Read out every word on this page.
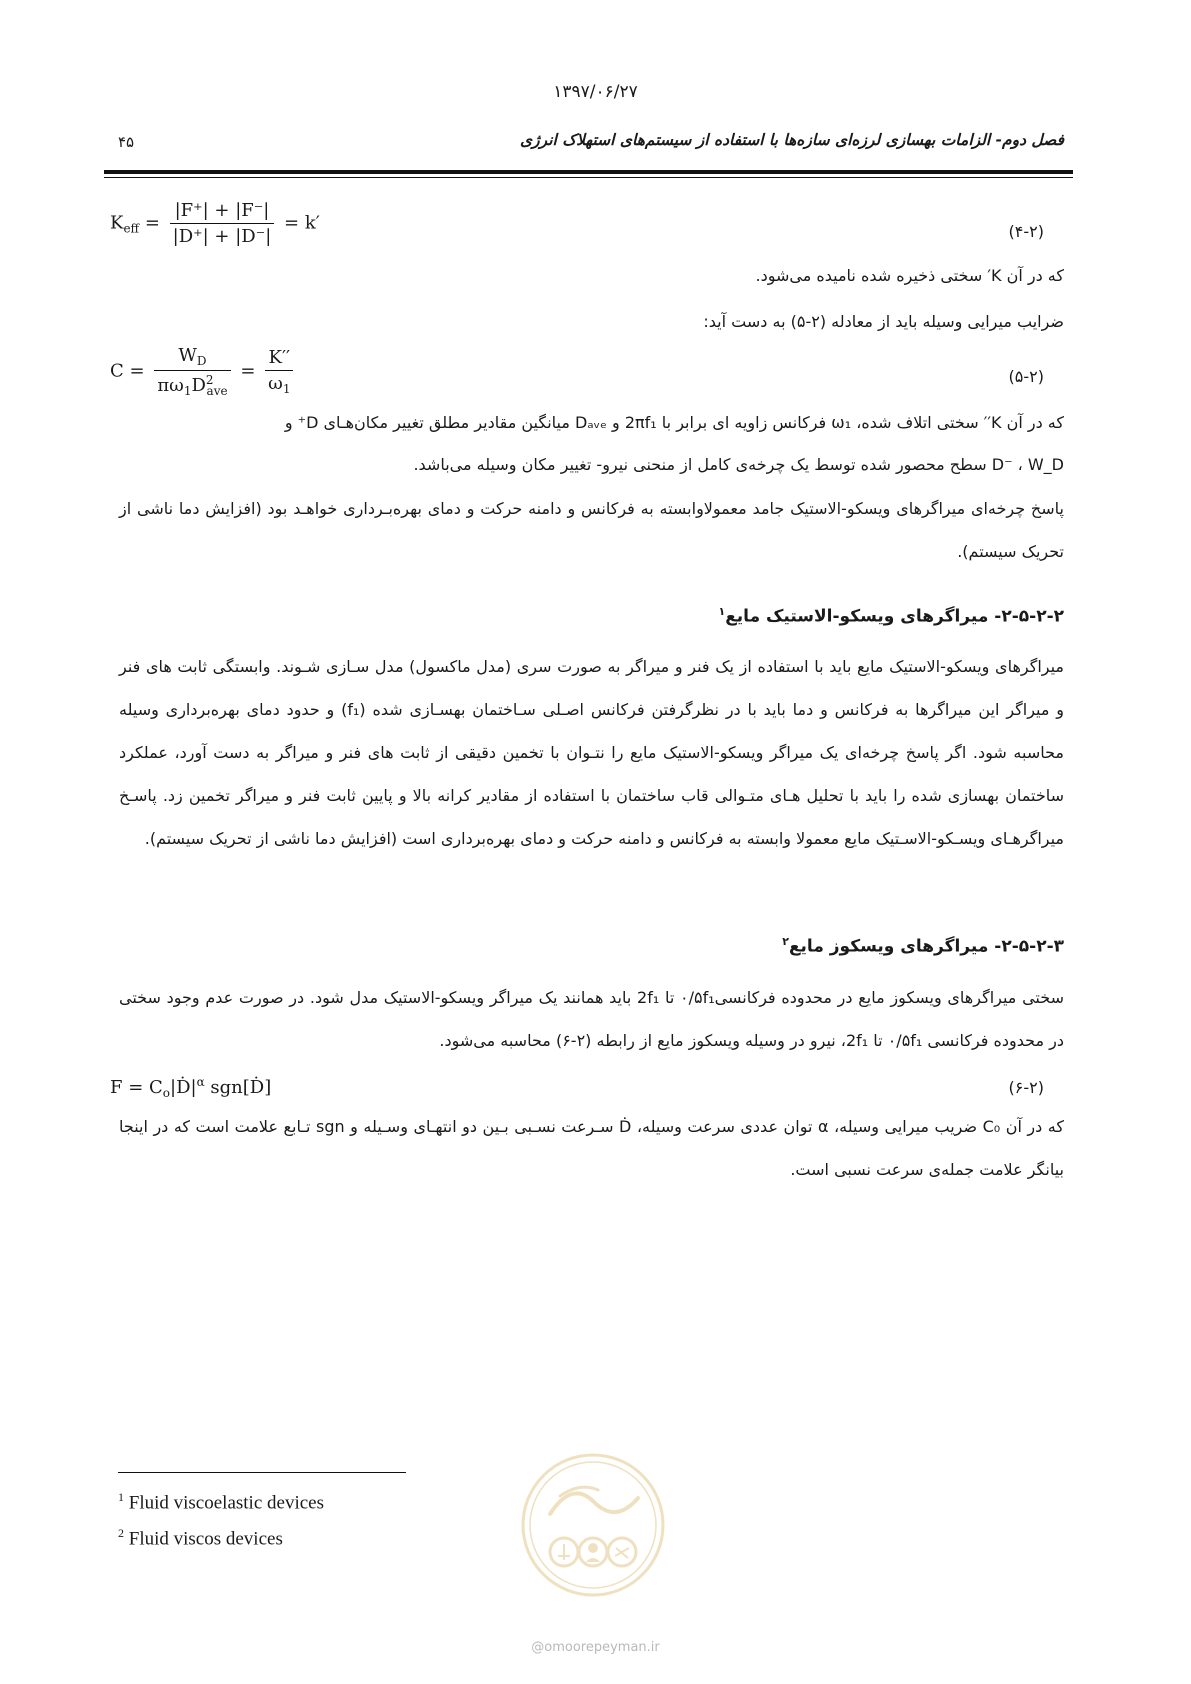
۱۳۹۷/۰۶/۲۷
۴۵	فصل دوم- الزامات بهسازی لرزه‌ای سازه‌ها با استفاده از سیستم‌های استهلاک انرژی
$K_{eff} = \frac{|F^+| + |F^-|}{|D^+| + |D^-|} = k'$	(۴-۲)
که در آن K′ سختی ذخیره شده نامیده می‌شود.
ضرایب میرایی وسیله باید از معادله (۲-۵) به دست آید:
$C = \frac{W_D}{\pi\omega_1D^2_{ave}} = \frac{K''}{\omega_1}$	(۵-۲)
که در آن K′′ سختی اتلاف شده، ω₁ فرکانس زاویه ای برابر با 2πf₁ و Dₐᵥₑ میانگین مقادیر مطلق تغییر مکان‌هـای D⁺ و
D⁻ ، W_D سطح محصور شده توسط یک چرخه‌ی کامل از منحنی نیرو- تغییر مکان وسیله می‌باشد.
پاسخ چرخه‌ای میراگرهای ویسکو-الاستیک جامد معمولاوابسته به فرکانس و دامنه حرکت و دمای بهره‌بـرداری خواهـد بود (افزایش دما ناشی از تحریک سیستم).
۲-۵-۲-۲- میراگرهای ویسکو-الاستیک مایع$^۱$
میراگرهای ویسکو-الاستیک مایع باید با استفاده از یک فنر و میراگر به صورت سری (مدل ماکسول) مدل سـازی شـوند. وابستگی ثابت های فنر و میراگر این میراگرها به فرکانس و دما باید با در نظرگرفتن فرکانس اصـلی سـاختمان بهسـازی شده (f₁) و حدود دمای بهره‌برداری وسیله محاسبه شود. اگر پاسخ چرخه‌ای یک میراگر ویسکو-الاستیک مایع را نتـوان با تخمین دقیقی از ثابت های فنر و میراگر به دست آورد، عملکرد ساختمان بهسازی شده را باید با تحلیل هـای متـوالی قاب ساختمان با استفاده از مقادیر کرانه بالا و پایین ثابت فنر و میراگر تخمین زد. پاسـخ میراگرهـای ویسـکو-الاسـتیک مایع معمولا وابسته به فرکانس و دامنه حرکت و دمای بهره‌برداری است (افزایش دما ناشی از تحریک سیستم).
۲-۵-۲-۳- میراگرهای ویسکوز مایع$^۲$
سختی میراگرهای ویسکوز مایع در محدوده فرکانسی۰/۵f₁ تا 2f₁ باید همانند یک میراگر ویسکو-الاستیک مدل شود. در صورت عدم وجود سختی در محدوده فرکانسی ۰/۵f₁ تا 2f₁، نیرو در وسیله ویسکوز مایع از رابطه (۲-۶) محاسبه می‌شود.
$F = C_o|Ḋ|^\alpha$ sgn[Ḋ]	(۶-۲)
که در آن C₀ ضریب میرایی وسیله، α توان عددی سرعت وسیله، Ḋ سـرعت نسـبی بـین دو انتهـای وسـیله و sgn تـابع علامت است که در اینجا بیانگر علامت جمله‌ی سرعت نسبی است.
$^1$ Fluid viscoelastic devices
$^2$ Fluid viscos devices
@omoorepeyman.ir
